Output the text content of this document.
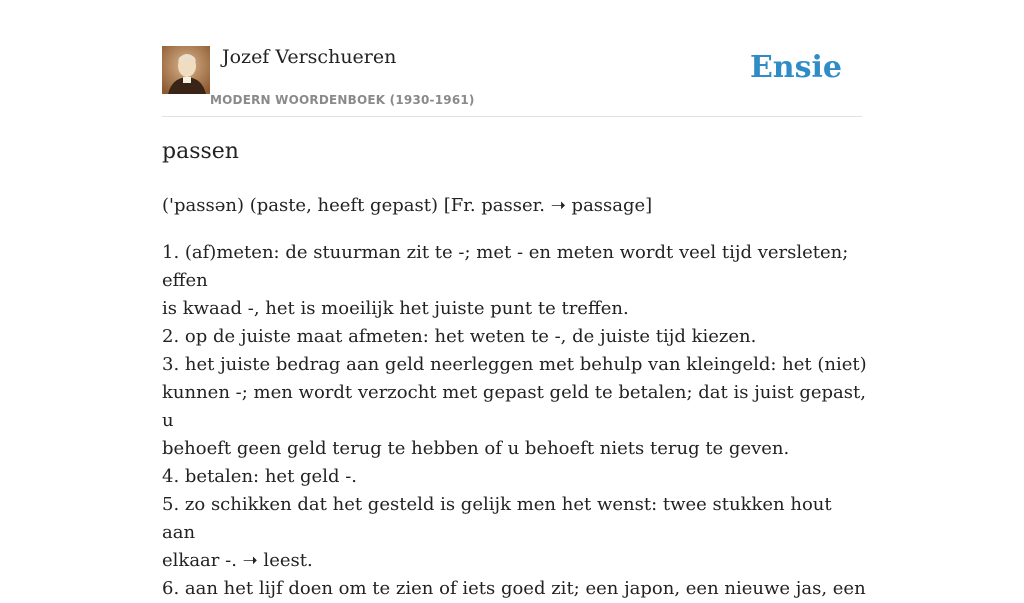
Jozef Verschueren
MODERN WOORDENBOEK (1930-1961)
Ensie
passen
('passən) (paste, heeft gepast) [Fr. passer. ➝ passage]
1. (af)meten: de stuurman zit te -; met - en meten wordt veel tijd versleten; effen
is kwaad -, het is moeilijk het juiste punt te treffen.
2. op de juiste maat afmeten: het weten te -, de juiste tijd kiezen.
3. het juiste bedrag aan geld neerleggen met behulp van kleingeld: het (niet)
kunnen -; men wordt verzocht met gepast geld te betalen; dat is juist gepast, u
behoeft geen geld terug te hebben of u behoeft niets terug te geven.
4. betalen: het geld -.
5. zo schikken dat het gesteld is gelijk men het wenst: twee stukken hout aan
elkaar -. ➝ leest.
6. aan het lijf doen om te zien of iets goed zit; een japon, een nieuwe jas, een
